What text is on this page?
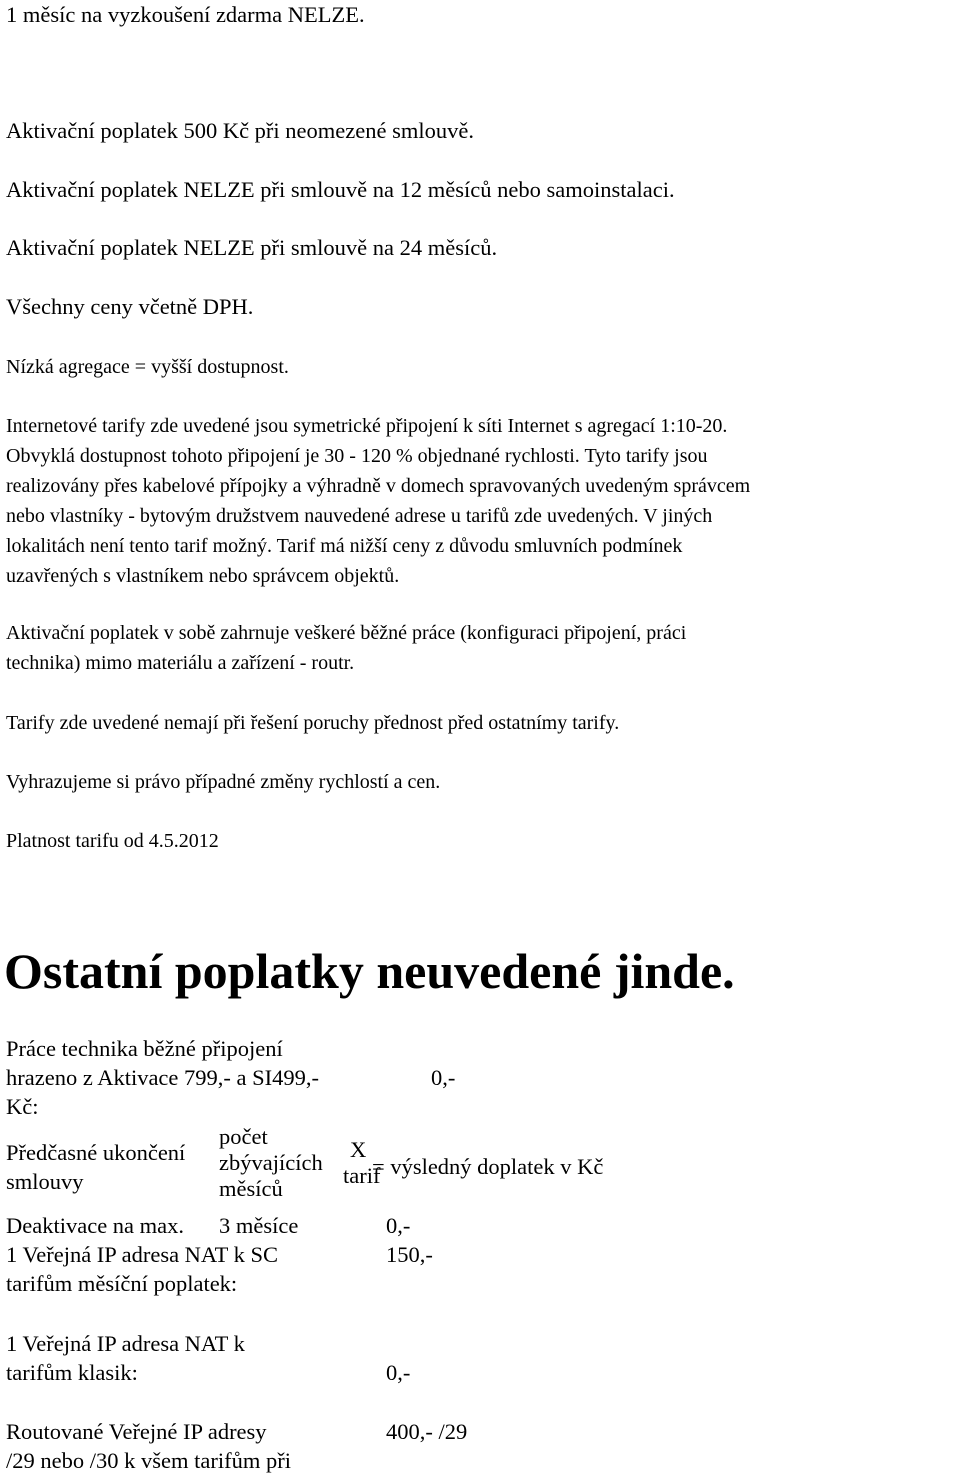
1 měsíc na vyzkoušení zdarma NELZE.
Aktivační poplatek 500 Kč při neomezené smlouvě.
Aktivační poplatek NELZE při smlouvě na 12 měsíců nebo samoinstalaci.
Aktivační poplatek NELZE při smlouvě na 24 měsíců.
Všechny ceny včetně DPH.
Nízká agregace = vyšší dostupnost.
Internetové tarify zde uvedené jsou symetrické připojení k síti Internet s agregací 1:10-20.
Obvyklá dostupnost tohoto připojení je 30 - 120 % objednané rychlosti. Tyto tarify jsou
realizovány přes kabelové přípojky a výhradně v domech spravovaných uvedeným správcem
nebo vlastníky - bytovým družstvem nauvedené adrese u tarifů zde uvedených. V jiných
lokalitách není tento tarif možný. Tarif má nižší ceny z důvodu smluvních podmínek
uzavřených s vlastníkem nebo správcem objektů.
Aktivační poplatek v sobě zahrnuje veškeré běžné práce (konfiguraci připojení, práci
technika) mimo materiálu a zařízení - routr.
Tarify zde uvedené nemají při řešení poruchy přednost před ostatnímy tarify.
Vyhrazujeme si právo případné změny rychlostí a cen.
Platnost tarifu od 4.5.2012
Ostatní poplatky neuvedené jinde.
Práce technika běžné připojení
hrazeno z Aktivace 799,- a SI499,-
Kč:
0,-
Předčasné ukončení
smlouvy
počet
zbývajících
měsíců
X
tarif
= výsledný doplatek v Kč
Deaktivace na max. 3 měsíce	0,-
1 Veřejná IP adresa NAT k SC
tarifům měsíční poplatek:
150,-
1 Veřejná IP adresa NAT k
tarifům klasik:	0,-
Routované Veřejné IP adresy
/29 nebo /30 k všem tarifům při
400,- /29
